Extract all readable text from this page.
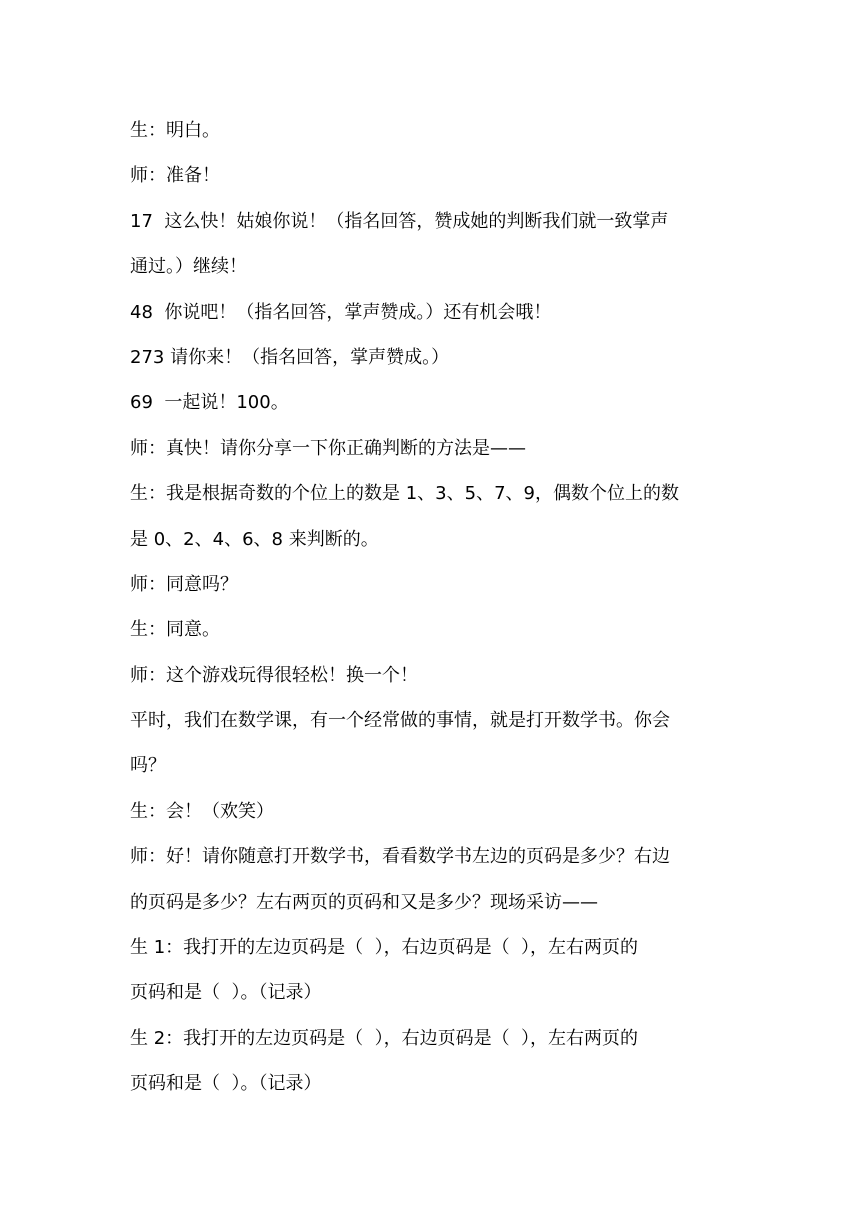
生：明白。

师：准备！

17  这么快！姑娘你说！（指名回答，赞成她的判断我们就一致掌声

通过。）继续！

48  你说吧！（指名回答，掌声赞成。）还有机会哦！

273 请你来！（指名回答，掌声赞成。）

69  一起说！100。

师：真快！请你分享一下你正确判断的方法是——

生：我是根据奇数的个位上的数是 1、3、5、7、9，偶数个位上的数

是 0、2、4、6、8 来判断的。

师：同意吗？

生：同意。

师：这个游戏玩得很轻松！换一个！

平时，我们在数学课，有一个经常做的事情，就是打开数学书。你会

吗？

生：会！（欢笑）

师：好！请你随意打开数学书，看看数学书左边的页码是多少？右边

的页码是多少？左右两页的页码和又是多少？现场采访——

生 1：我打开的左边页码是（  ），右边页码是（  ），左右两页的

页码和是（  ）。（记录）

生 2：我打开的左边页码是（  ），右边页码是（  ），左右两页的

页码和是（  ）。（记录）
